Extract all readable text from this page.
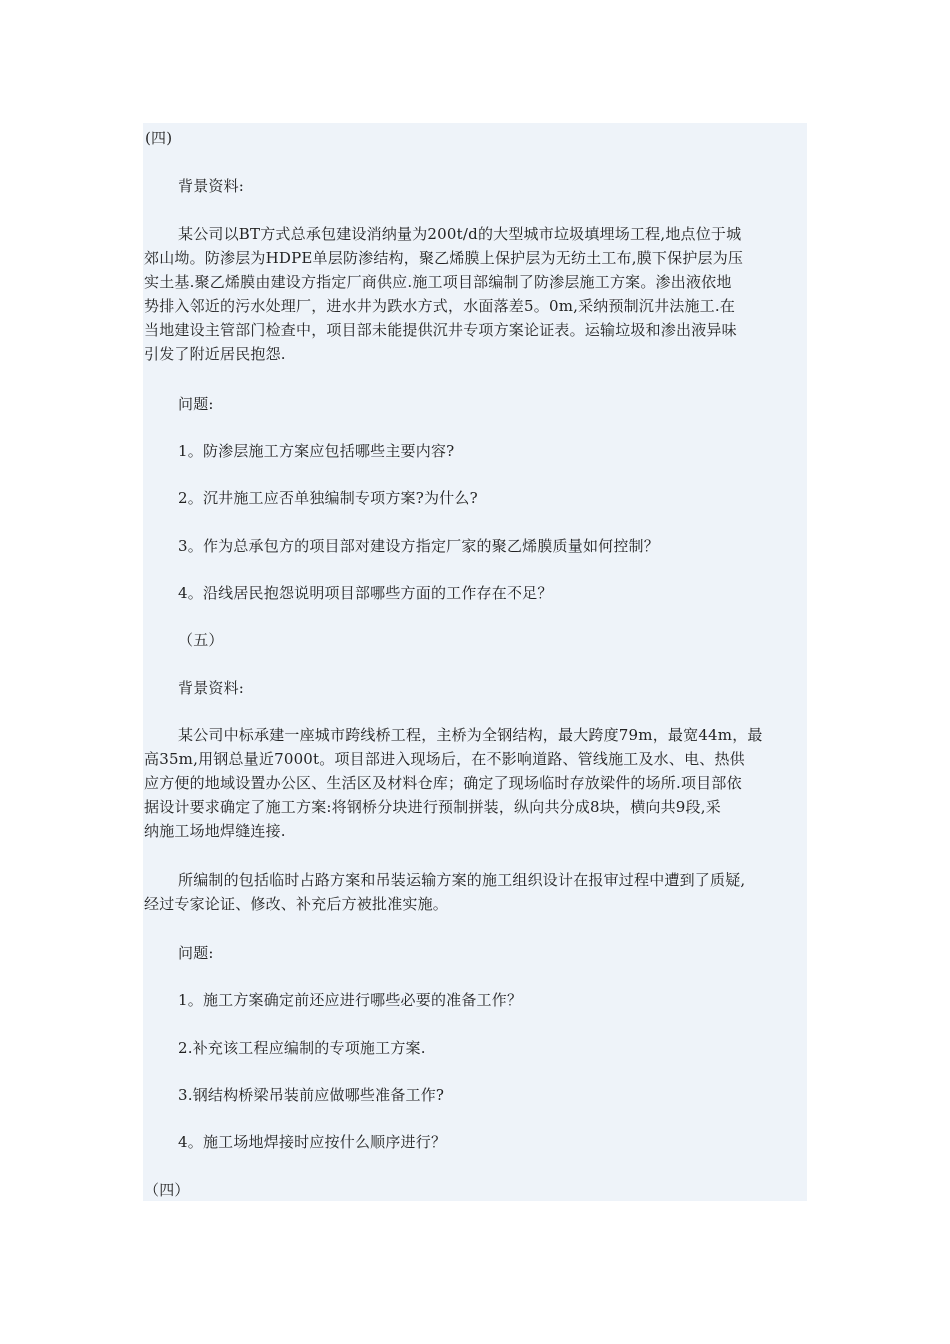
(四)
背景资料:
某公司以BT方式总承包建设消纳量为200t/d的大型城市垃圾填埋场工程,地点位于城
郊山坳。防渗层为HDPE单层防渗结构，聚乙烯膜上保护层为无纺土工布,膜下保护层为压
实土基.聚乙烯膜由建设方指定厂商供应.施工项目部编制了防渗层施工方案。渗出液依地
势排入邻近的污水处理厂，进水井为跌水方式，水面落差5。0m,采纳预制沉井法施工.在
当地建设主管部门检查中，项目部未能提供沉井专项方案论证表。运输垃圾和渗出液异味
引发了附近居民抱怨.
问题:
1。防渗层施工方案应包括哪些主要内容?
2。沉井施工应否单独编制专项方案?为什么?
3。作为总承包方的项目部对建设方指定厂家的聚乙烯膜质量如何控制？
4。沿线居民抱怨说明项目部哪些方面的工作存在不足？
（五）
背景资料:
某公司中标承建一座城市跨线桥工程，主桥为全钢结构，最大跨度79m，最宽44m，最
高35m,用钢总量近7000t。项目部进入现场后，在不影响道路、管线施工及水、电、热供
应方便的地域设置办公区、生活区及材料仓库；确定了现场临时存放梁件的场所.项目部依
据设计要求确定了施工方案:将钢桥分块进行预制拼装，纵向共分成8块，横向共9段,采
纳施工场地焊缝连接.
所编制的包括临时占路方案和吊装运输方案的施工组织设计在报审过程中遭到了质疑,
经过专家论证、修改、补充后方被批准实施。
问题:
1。施工方案确定前还应进行哪些必要的准备工作？
2.补充该工程应编制的专项施工方案.
3.钢结构桥梁吊装前应做哪些准备工作?
4。施工场地焊接时应按什么顺序进行？
（四）
